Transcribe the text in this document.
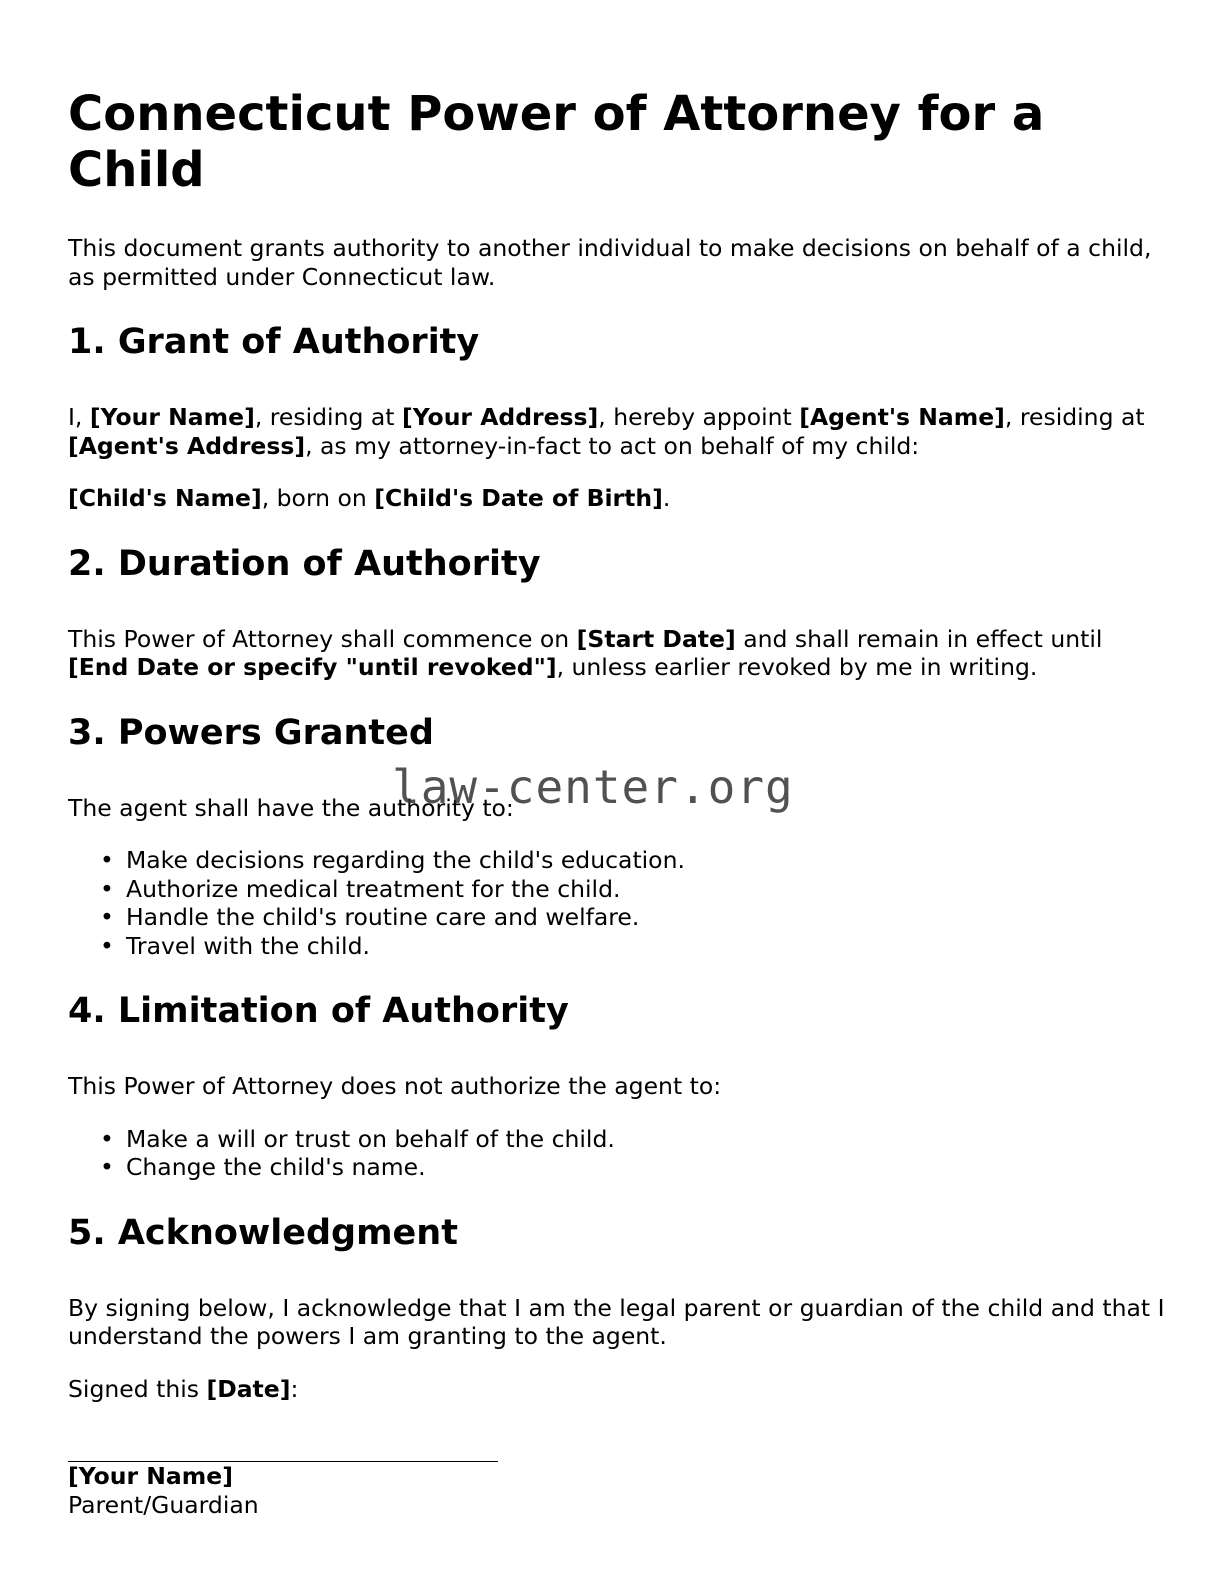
Connecticut Power of Attorney for a Child

This document grants authority to another individual to make decisions on behalf of a child, as permitted under Connecticut law.

1. Grant of Authority

I, [Your Name], residing at [Your Address], hereby appoint [Agent's Name], residing at [Agent's Address], as my attorney-in-fact to act on behalf of my child:

[Child's Name], born on [Child's Date of Birth].

2. Duration of Authority

This Power of Attorney shall commence on [Start Date] and shall remain in effect until [End Date or specify "until revoked"], unless earlier revoked by me in writing.

3. Powers Granted

The agent shall have the authority to:

• Make decisions regarding the child's education.
• Authorize medical treatment for the child.
• Handle the child's routine care and welfare.
• Travel with the child.
4. Limitation of Authority

This Power of Attorney does not authorize the agent to:

• Make a will or trust on behalf of the child.
• Change the child's name.
5. Acknowledgment

By signing below, I acknowledge that I am the legal parent or guardian of the child and that I understand the powers I am granting to the agent.

Signed this [Date]:

[Your Name]

Parent/Guardian

law-center.org
